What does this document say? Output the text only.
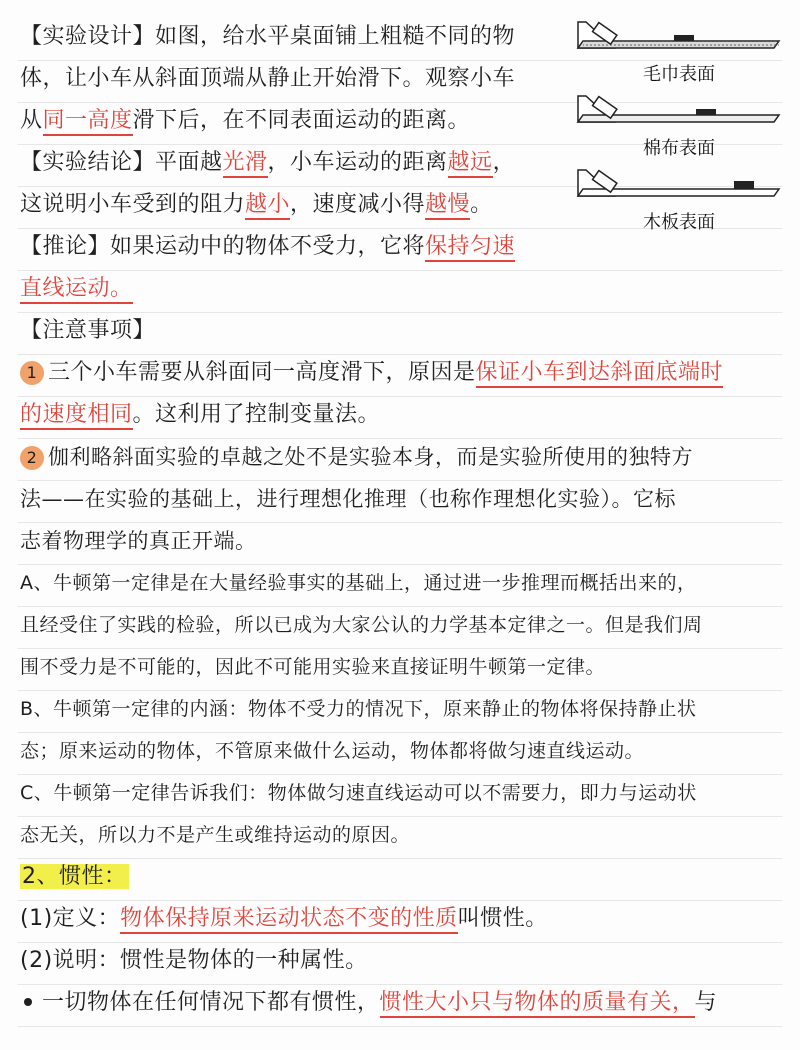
毛巾表面
棉布表面
木板表面
【实验设计】如图，给水平桌面铺上粗糙不同的物
体，让小车从斜面顶端从静止开始滑下。观察小车
从同一高度滑下后，在不同表面运动的距离。
【实验结论】平面越光滑，小车运动的距离越远，
这说明小车受到的阻力越小，速度减小得越慢。
【推论】如果运动中的物体不受力，它将保持匀速
直线运动。
【注意事项】
1 三个小车需要从斜面同一高度滑下，原因是保证小车到达斜面底端时
的速度相同。这利用了控制变量法。
2 伽利略斜面实验的卓越之处不是实验本身，而是实验所使用的独特方
法——在实验的基础上，进行理想化推理（也称作理想化实验）。它标
志着物理学的真正开端。
A、牛顿第一定律是在大量经验事实的基础上，通过进一步推理而概括出来的，
且经受住了实践的检验，所以已成为大家公认的力学基本定律之一。但是我们周
围不受力是不可能的，因此不可能用实验来直接证明牛顿第一定律。
B、牛顿第一定律的内涵：物体不受力的情况下，原来静止的物体将保持静止状
态；原来运动的物体，不管原来做什么运动，物体都将做匀速直线运动。
C、牛顿第一定律告诉我们：物体做匀速直线运动可以不需要力，即力与运动状
态无关，所以力不是产生或维持运动的原因。
2、惯性：
(1)定义：物体保持原来运动状态不变的性质叫惯性。
(2)说明：惯性是物体的一种属性。
一切物体在任何情况下都有惯性，惯性大小只与物体的质量有关，与
